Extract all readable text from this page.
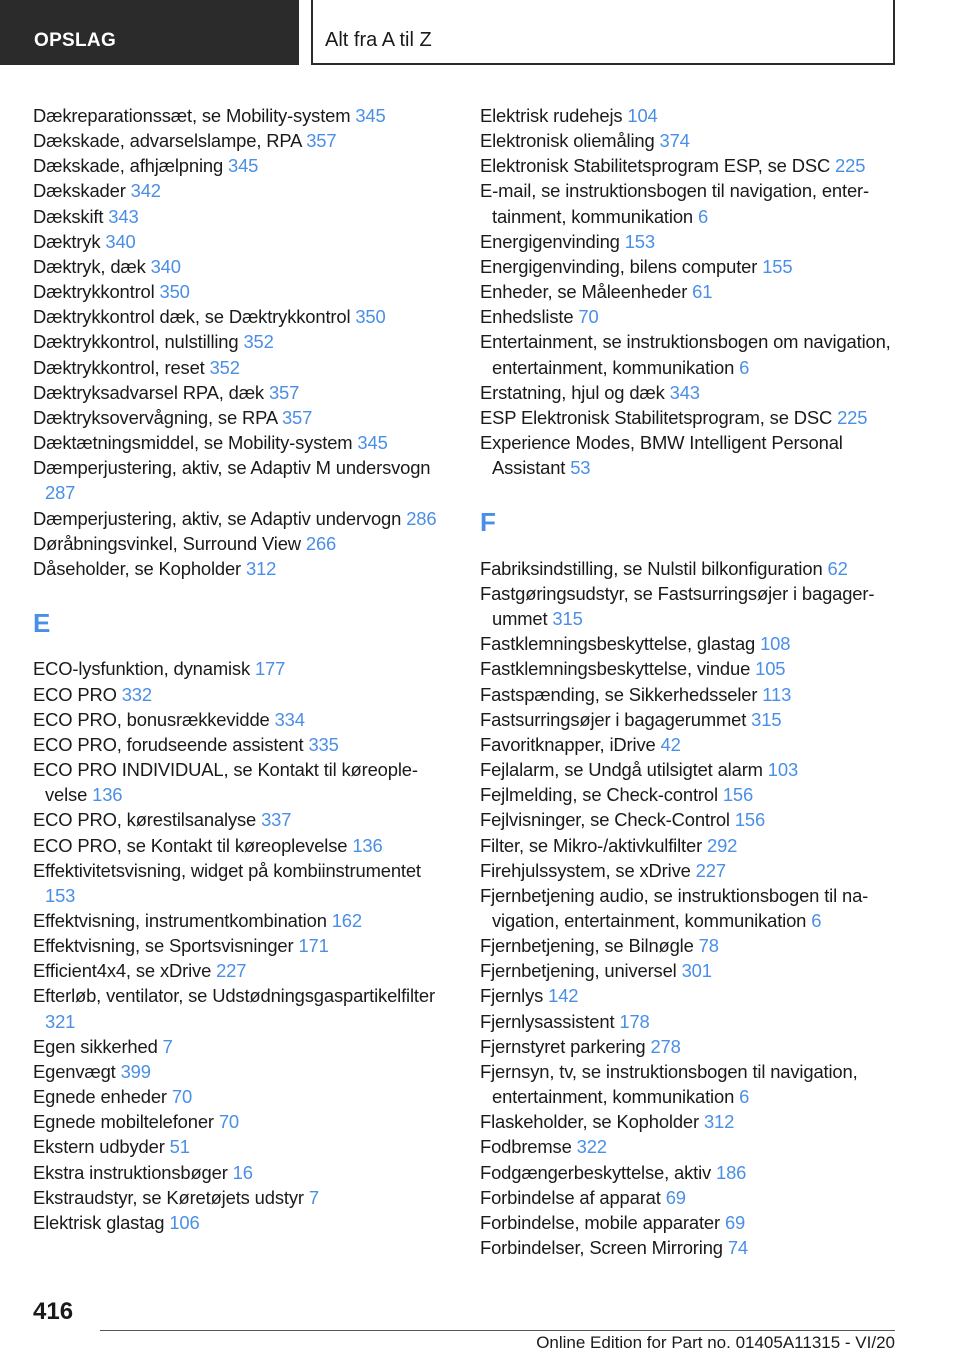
OPSLAG	Alt fra A til Z
Dækreparationssæt, se Mobility-system 345
Dækskade, advarselslampe, RPA 357
Dækskade, afhjælpning 345
Dækskader 342
Dækskift 343
Dæktryk 340
Dæktryk, dæk 340
Dæktrykkontrol 350
Dæktrykkontrol dæk, se Dæktrykkontrol 350
Dæktrykkontrol, nulstilling 352
Dæktrykkontrol, reset 352
Dæktryksadvarsel RPA, dæk 357
Dæktryksovervågning, se RPA 357
Dæktætningsmiddel, se Mobility-system 345
Dæmperjustering, aktiv, se Adaptiv M undersvogn 287
Dæmperjustering, aktiv, se Adaptiv undervogn 286
Døråbningsvinkel, Surround View 266
Dåseholder, se Kopholder 312
E
ECO-lysfunktion, dynamisk 177
ECO PRO 332
ECO PRO, bonusrækkevidde 334
ECO PRO, forudseende assistent 335
ECO PRO INDIVIDUAL, se Kontakt til køreoplevelse 136
ECO PRO, kørestilsanalyse 337
ECO PRO, se Kontakt til køreoplevelse 136
Effektivitetsvisning, widget på kombiinstrumentet 153
Effektvisning, instrumentkombination 162
Effektvisning, se Sportsvisninger 171
Efficient4x4, se xDrive 227
Efterløb, ventilator, se Udstødningsgaspartikelfilter 321
Egen sikkerhed 7
Egenvægt 399
Egnede enheder 70
Egnede mobiltelefoner 70
Ekstern udbyder 51
Ekstra instruktionsbøger 16
Ekstraudstyr, se Køretøjets udstyr 7
Elektrisk glastag 106
Elektrisk rudehejs 104
Elektronisk oliemåling 374
Elektronisk Stabilitetsprogram ESP, se DSC 225
E-mail, se instruktionsbogen til navigation, entertainment, kommunikation 6
Energigenvinding 153
Energigenvinding, bilens computer 155
Enheder, se Måleenheder 61
Enhedsliste 70
Entertainment, se instruktionsbogen om navigation, entertainment, kommunikation 6
Erstatning, hjul og dæk 343
ESP Elektronisk Stabilitetsprogram, se DSC 225
Experience Modes, BMW Intelligent Personal Assistant 53
F
Fabriksindstilling, se Nulstil bilkonfiguration 62
Fastgøringsudstyr, se Fastsurringsøjer i bagagerummet 315
Fastklemningsbeskyttelse, glastag 108
Fastklemningsbeskyttelse, vindue 105
Fastspænding, se Sikkerhedsseler 113
Fastsurringsøjer i bagagerummet 315
Favoritknapper, iDrive 42
Fejlalarm, se Undgå utilsigtet alarm 103
Fejlmelding, se Check-control 156
Fejlvisninger, se Check-Control 156
Filter, se Mikro-/aktivkulfilter 292
Firehjulssystem, se xDrive 227
Fjernbetjening audio, se instruktionsbogen til navigation, entertainment, kommunikation 6
Fjernbetjening, se Bilnøgle 78
Fjernbetjening, universel 301
Fjernlys 142
Fjernlysassistent 178
Fjernstyret parkering 278
Fjernsyn, tv, se instruktionsbogen til navigation, entertainment, kommunikation 6
Flaskeholder, se Kopholder 312
Fodbremse 322
Fodgængerbeskyttelse, aktiv 186
Forbindelse af apparat 69
Forbindelse, mobile apparater 69
Forbindelser, Screen Mirroring 74
416
Online Edition for Part no. 01405A11315 - VI/20
